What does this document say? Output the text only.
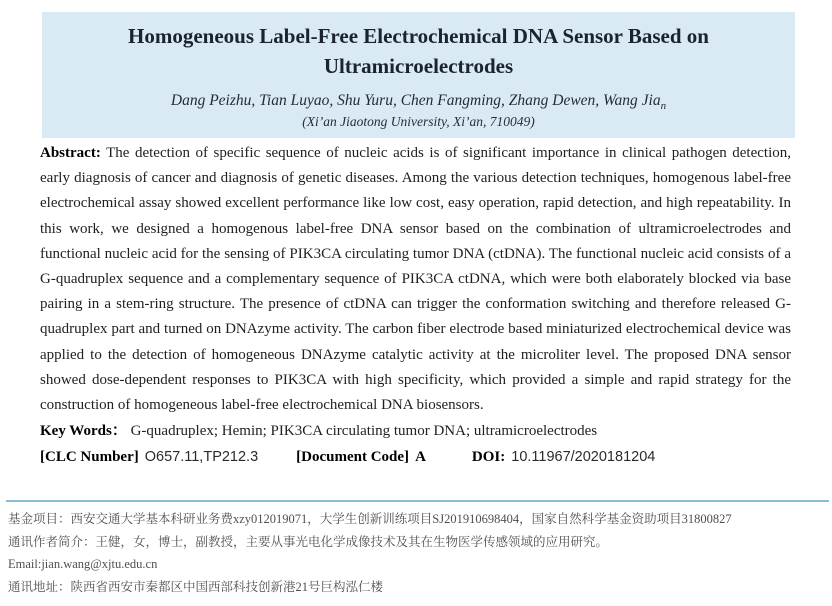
Homogeneous Label-Free Electrochemical DNA Sensor Based on Ultramicroelectrodes
Dang Peizhu, Tian Luyao, Shu Yuru, Chen Fangming, Zhang Dewen, Wang Jia$_n$
(Xi’an Jiaotong University, Xi’an, 710049)

Abstract: The detection of specific sequence of nucleic acids is of significant importance in clinical pathogen detection, early diagnosis of cancer and diagnosis of genetic diseases. Among the various detection techniques, homogenous label-free electrochemical assay showed excellent performance like low cost, easy operation, rapid detection, and high repeatability. In this work, we designed a homogenous label-free DNA sensor based on the combination of ultramicroelectrodes and functional nucleic acid for the sensing of PIK3CA circulating tumor DNA (ctDNA). The functional nucleic acid consists of a G-quadruplex sequence and a complementary sequence of PIK3CA ctDNA, which were both elaborately blocked via base pairing in a stem-ring structure. The presence of ctDNA can trigger the conformation switching and therefore released G-quadruplex part and turned on DNAzyme activity. The carbon fiber electrode based miniaturized electrochemical device was applied to the detection of homogeneous DNAzyme catalytic activity at the microliter level. The proposed DNA sensor showed dose-dependent responses to PIK3CA with high specificity, which provided a simple and rapid strategy for the construction of homogeneous label-free electrochemical DNA biosensors.

Key Words： G-quadruplex; Hemin; PIK3CA circulating tumor DNA; ultramicroelectrodes

[CLC Number] O657.11,TP212.3	[Document Code] A	DOI: 10.11967/2020181204

基金项目：西安交通大学基本科研业务费xzy012019071，大学生创新训练项目SJ201910698404，国家自然科学基金资助项目31800827

通讯作者简介：王健，女，博士，副教授，主要从事光电化学成像技术及其在生物医学传感领域的应用研究。

Email:jian.wang@xjtu.edu.cn

通讯地址：陕西省西安市秦都区中国西部科技创新港21号巨构泓仁楼
